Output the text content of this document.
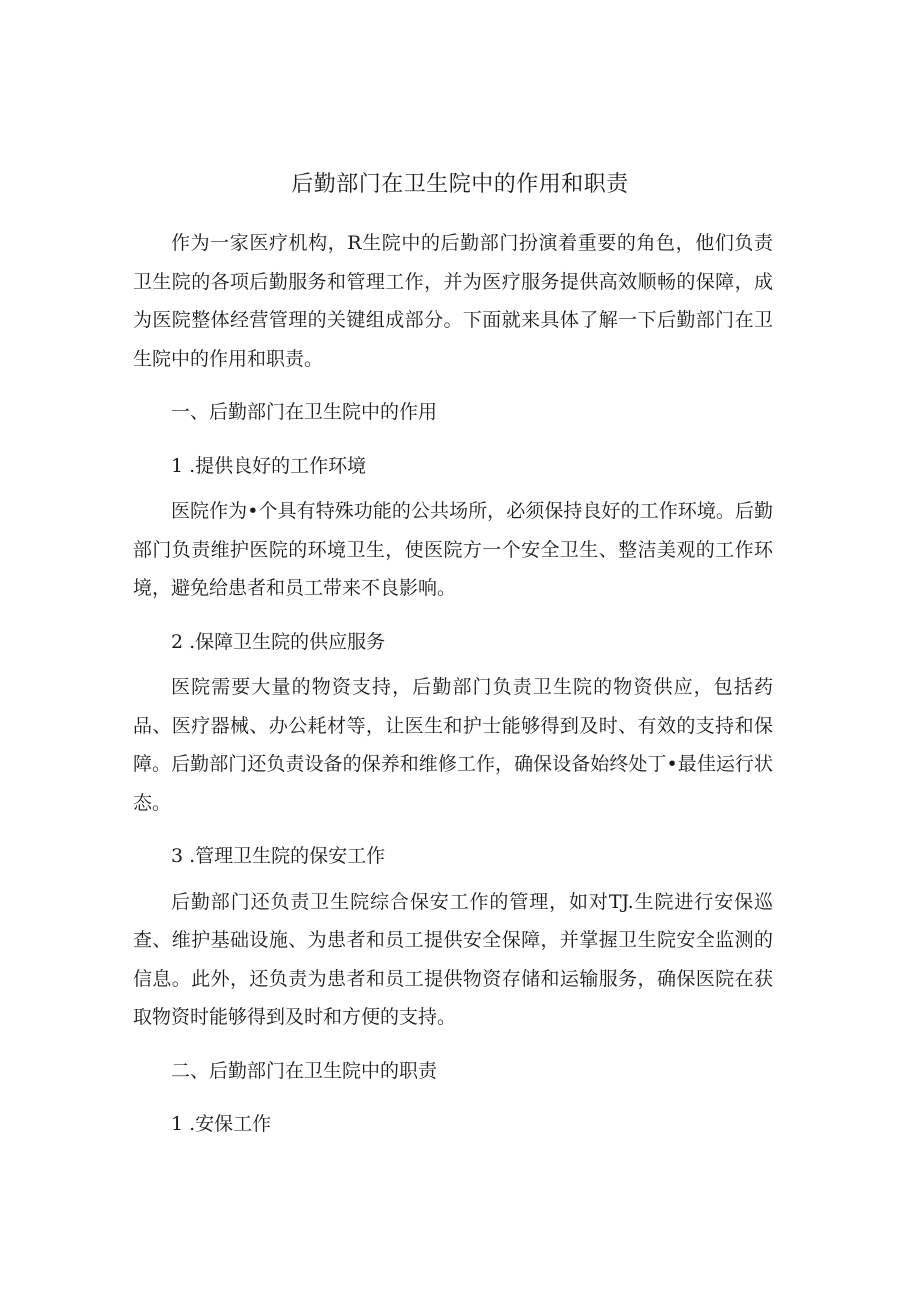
后勤部门在卫生院中的作用和职责

作为一家医疗机构，R生院中的后勤部门扮演着重要的角色，他们负责卫生院的各项后勤服务和管理工作，并为医疗服务提供高效顺畅的保障，成为医院整体经营管理的关键组成部分。下面就来具体了解一下后勤部门在卫生院中的作用和职责。

一、后勤部门在卫生院中的作用

1 .提供良好的工作环境

医院作为•个具有特殊功能的公共场所，必须保持良好的工作环境。后勤部门负责维护医院的环境卫生，使医院方一个安全卫生、整洁美观的工作环境，避免给患者和员工带来不良影响。

2 .保障卫生院的供应服务

医院需要大量的物资支持，后勤部门负责卫生院的物资供应，包括药品、医疗器械、办公耗材等，让医生和护士能够得到及时、有效的支持和保障。后勤部门还负责设备的保养和维修工作，确保设备始终处丁•最佳运行状态。

3 .管理卫生院的保安工作

后勤部门还负责卫生院综合保安工作的管理，如对TJ.生院进行安保巡查、维护基础设施、为患者和员工提供安全保障，并掌握卫生院安全监测的信息。此外，还负责为患者和员工提供物资存储和运输服务，确保医院在获取物资时能够得到及时和方便的支持。

二、后勤部门在卫生院中的职责

1 .安保工作
